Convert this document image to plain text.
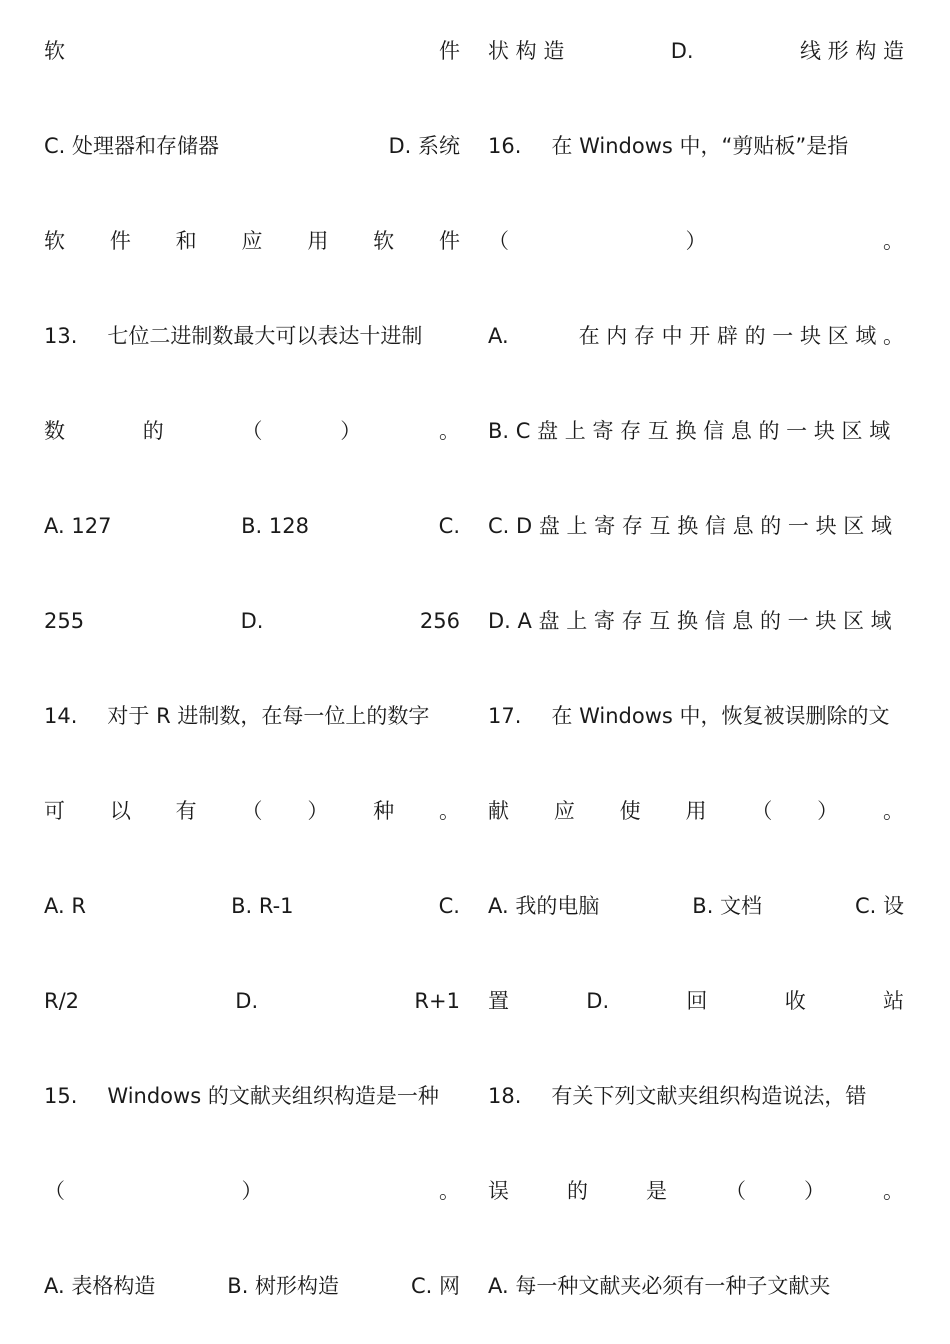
软	件
C. 处理器和存储器	D. 系统
软 件 和 应 用 软 件
13. 七位二进制数最大可以表达十进制
数	的	（	）	。
A. 127	B. 128	C.
255	D.	256
14. 对于 R 进制数，在每一位上的数字
可 以 有 （ ） 种 。
A. R	B. R-1	C.
R/2	D.	R+1
15. Windows 的文献夹组织构造是一种
（	）	。
A. 表格构造	B. 树形构造	C. 网
状 构 造	D.	线 形 构 造
16. 在 Windows 中，“剪贴板”是指
（	）	。
A.	在 内 存 中 开 辟 的 一 块 区 域 。
B. C 盘 上 寄 存 互 换 信 息 的 一 块 区 域
C. D 盘 上 寄 存 互 换 信 息 的 一 块 区 域
D. A 盘 上 寄 存 互 换 信 息 的 一 块 区 域
17. 在 Windows 中，恢复被误删除的文
献 应 使 用 （ ） 。
A. 我的电脑	B. 文档	C. 设
置	D.	回	收	站
18. 有关下列文献夹组织构造说法，错
误	的	是	（	）	。
A. 每一种文献夹必须有一种子文献夹
